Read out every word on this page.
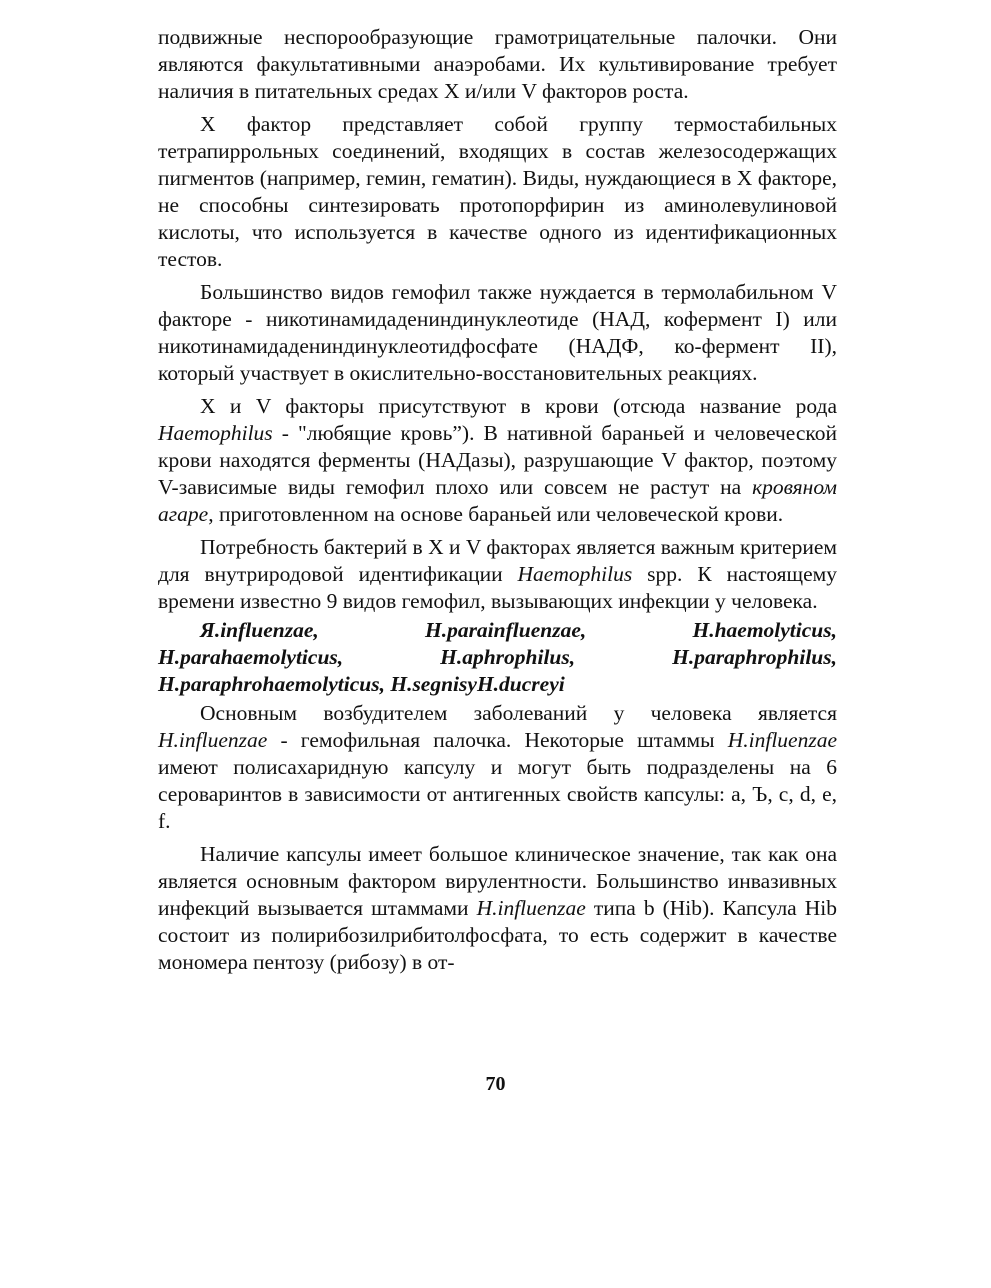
подвижные неспорообразующие грамотрицательные палочки. Они являются факультативными анаэробами. Их культивирование требует наличия в питательных средах X и/или V факторов роста.

X фактор представляет собой группу термостабильных тетрапиррольных соединений, входящих в состав железосодержащих пигментов (например, гемин, гематин). Виды, нуждающиеся в X факторе, не способны синтезировать протопорфирин из аминолевулиновой кислоты, что используется в качестве одного из идентификационных тестов.

Большинство видов гемофил также нуждается в термолабильном V факторе - никотинамидадениндинуклеотиде (НАД, кофермент I) или никотинамидадениндинуклеотидфосфате (НАДФ, ко-фермент II), который участвует в окислительно-восстановительных реакциях.

X и V факторы присутствуют в крови (отсюда название рода Haemophilus - "любящие кровь”). В нативной бараньей и человеческой крови находятся ферменты (НАДазы), разрушающие V фактор, поэтому V-зависимые виды гемофил плохо или совсем не растут на кровяном агаре, приготовленном на основе бараньей или человеческой крови.

Потребность бактерий в X и V факторах является важным критерием для внутриродовой идентификации Haemophilus spp. К настоящему времени известно 9 видов гемофил, вызывающих инфекции у человека.

Я.influenzae,	H.parainfluenzae,	H.haemolyticus,
H.parahaemolyticus,	H.aphrophilus,	H.paraphrophilus,
H.paraphrohaemolyticus, H.segnisyH.ducreyi

Основным возбудителем заболеваний у человека является H.influenzae - гемофильная палочка. Некоторые штаммы H.influenzae имеют полисахаридную капсулу и могут быть подразделены на 6 сероваринтов в зависимости от антигенных свойств капсулы: a, Ъ, c, d, e, f.

Наличие капсулы имеет большое клиническое значение, так как она является основным фактором вирулентности. Большинство инвазивных инфекций вызывается штаммами H.influenzae типа b (Hib). Капсула Hib состоит из полирибозилрибитолфосфата, то есть содержит в качестве мономера пентозу (рибозу) в от-

70
